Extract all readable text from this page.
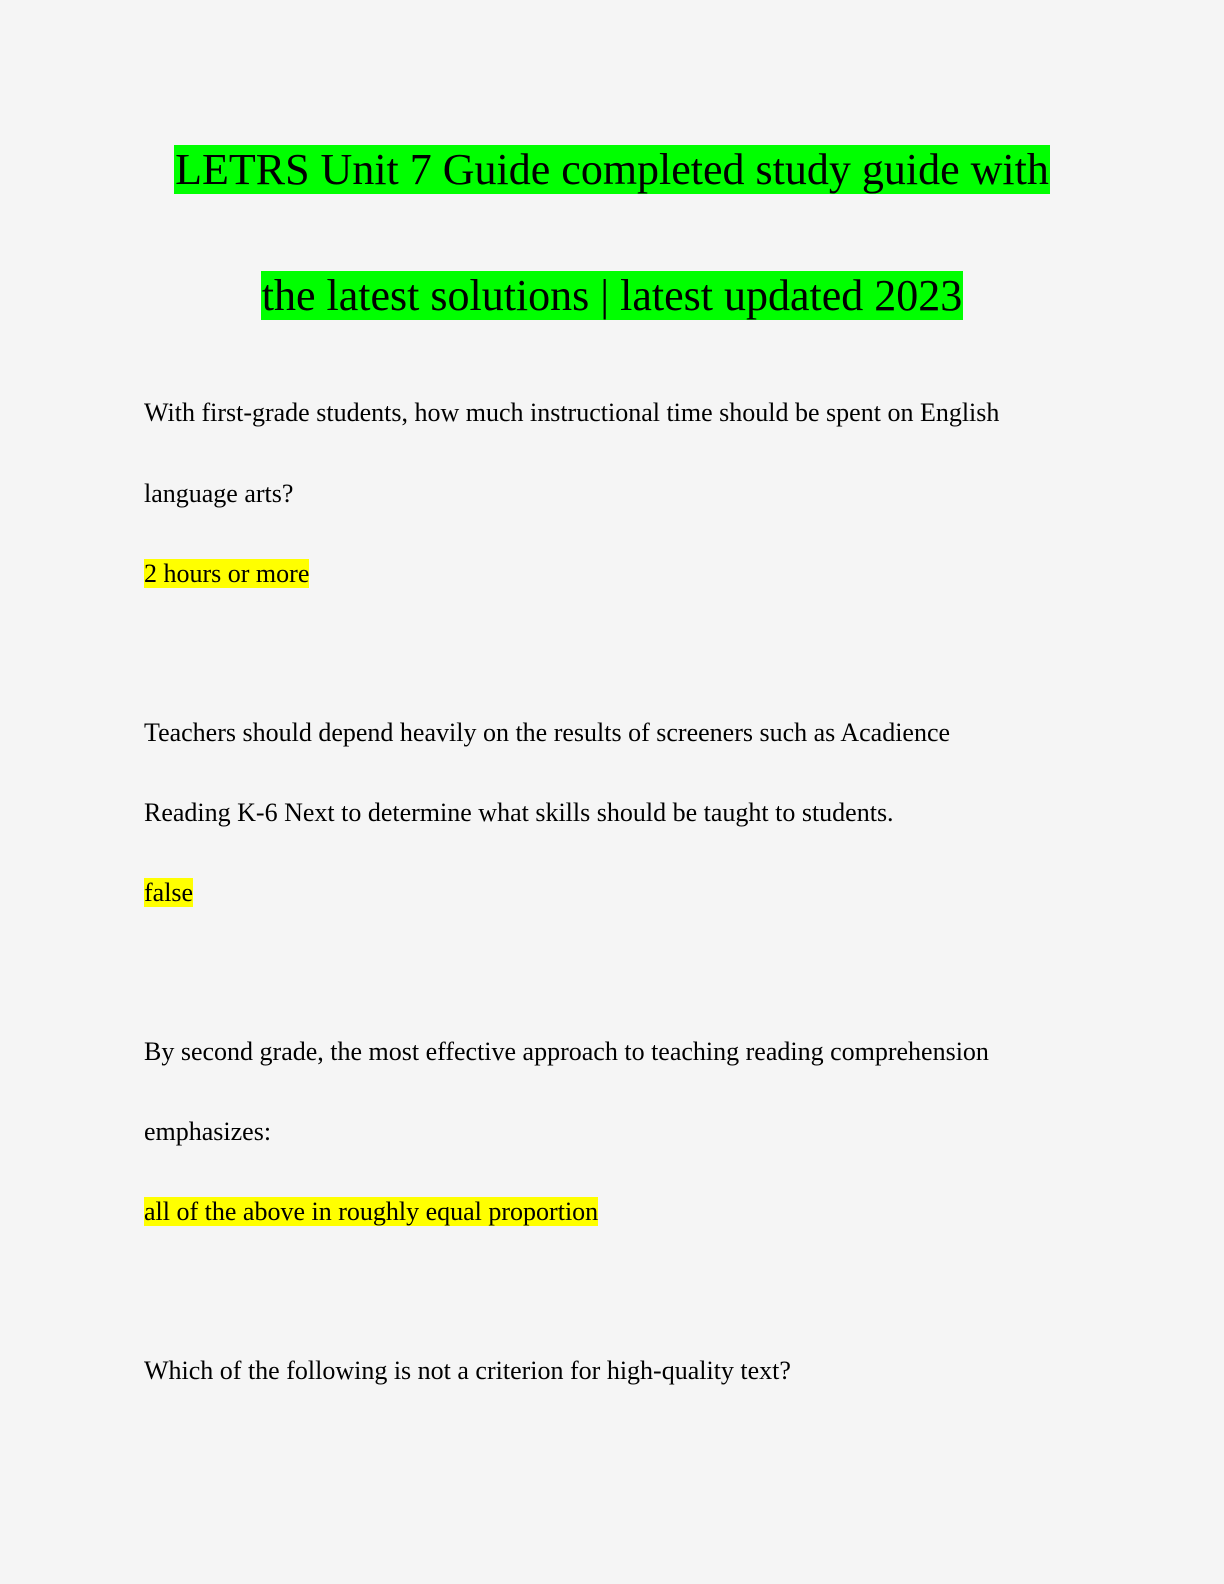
LETRS Unit 7 Guide completed study guide with
the latest solutions | latest updated 2023
With first-grade students, how much instructional time should be spent on English
language arts?
2 hours or more
Teachers should depend heavily on the results of screeners such as Acadience
Reading K-6 Next to determine what skills should be taught to students.
false
By second grade, the most effective approach to teaching reading comprehension
emphasizes:
all of the above in roughly equal proportion
Which of the following is not a criterion for high-quality text?
